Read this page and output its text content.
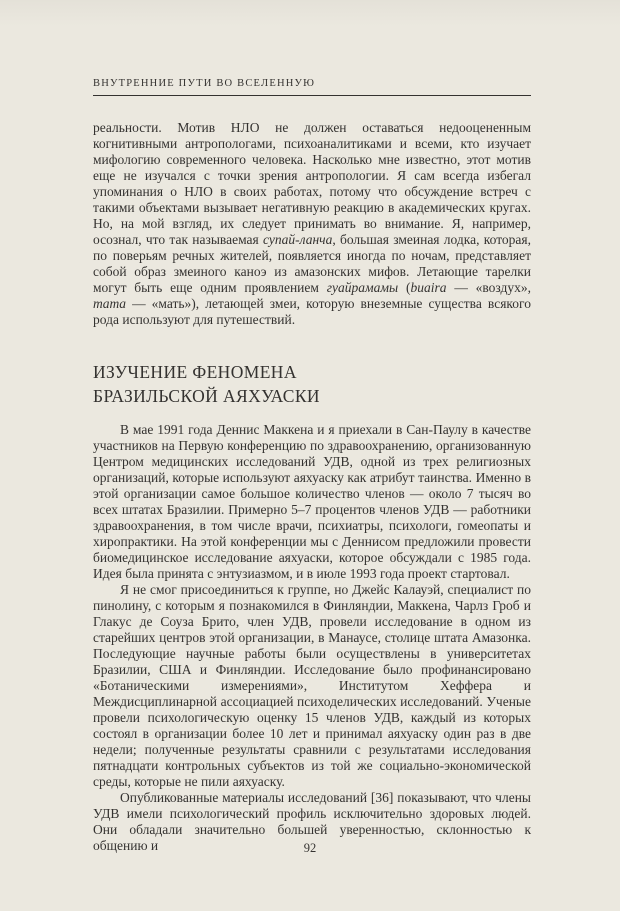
ВНУТРЕННИЕ ПУТИ ВО ВСЕЛЕННУЮ

реальности. Мотив НЛО не должен оставаться недооцененным когнитивными антропологами, психоаналитиками и всеми, кто изучает мифологию современного человека. Насколько мне известно, этот мотив еще не изучался с точки зрения антропологии. Я сам всегда избегал упоминания о НЛО в своих работах, потому что обсуждение встреч с такими объектами вызывает негативную реакцию в академических кругах. Но, на мой взгляд, их следует принимать во внимание. Я, например, осознал, что так называемая супай-ланча, большая змеиная лодка, которая, по поверьям речных жителей, появляется иногда по ночам, представляет собой образ змеиного каноэ из амазонских мифов. Летающие тарелки могут быть еще одним проявлением гуайрамамы (buaira — «воздух», mama — «мать»), летающей змеи, которую внеземные существа всякого рода используют для путешествий.

ИЗУЧЕНИЕ ФЕНОМЕНА
БРАЗИЛЬСКОЙ АЯХУАСКИ

В мае 1991 года Деннис Маккена и я приехали в Сан-Паулу в качестве участников на Первую конференцию по здравоохранению, организованную Центром медицинских исследований УДВ, одной из трех религиозных организаций, которые используют аяхуаску как атрибут таинства. Именно в этой организации самое большое количество членов — около 7 тысяч во всех штатах Бразилии. Примерно 5–7 процентов членов УДВ — работники здравоохранения, в том числе врачи, психиатры, психологи, гомеопаты и хиропрактики. На этой конференции мы с Деннисом предложили провести биомедицинское исследование аяхуаски, которое обсуждали с 1985 года. Идея была принята с энтузиазмом, и в июле 1993 года проект стартовал.

Я не смог присоединиться к группе, но Джейс Калауэй, специалист по пинолину, с которым я познакомился в Финляндии, Маккена, Чарлз Гроб и Глакус де Соуза Брито, член УДВ, провели исследование в одном из старейших центров этой организации, в Манаусе, столице штата Амазонка. Последующие научные работы были осуществлены в университетах Бразилии, США и Финляндии. Исследование было профинансировано «Ботаническими измерениями», Институтом Хеффера и Междисциплинарной ассоциацией психоделических исследований. Ученые провели психологическую оценку 15 членов УДВ, каждый из которых состоял в организации более 10 лет и принимал аяхуаску один раз в две недели; полученные результаты сравнили с результатами исследования пятнадцати контрольных субъектов из той же социально-экономической среды, которые не пили аяхуаску.

Опубликованные материалы исследований [36] показывают, что члены УДВ имели психологический профиль исключительно здоровых людей. Они обладали значительно большей уверенностью, склонностью к общению и	92
